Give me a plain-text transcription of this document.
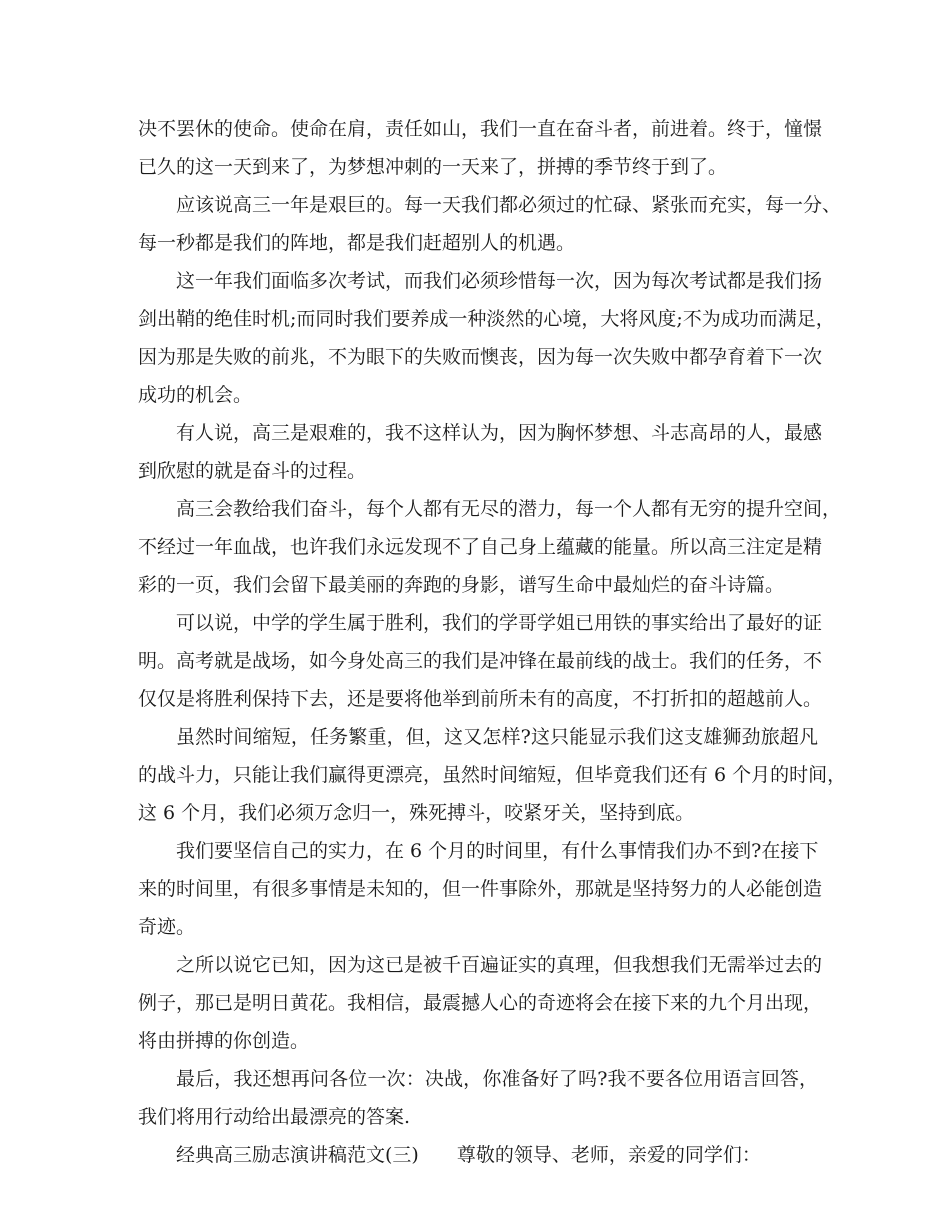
决不罢休的使命。使命在肩，责任如山，我们一直在奋斗者，前进着。终于，憧憬
已久的这一天到来了，为梦想冲刺的一天来了，拼搏的季节终于到了。
应该说高三一年是艰巨的。每一天我们都必须过的忙碌、紧张而充实，每一分、
每一秒都是我们的阵地，都是我们赶超别人的机遇。
这一年我们面临多次考试，而我们必须珍惜每一次，因为每次考试都是我们扬
剑出鞘的绝佳时机;而同时我们要养成一种淡然的心境，大将风度;不为成功而满足，
因为那是失败的前兆，不为眼下的失败而懊丧，因为每一次失败中都孕育着下一次
成功的机会。
有人说，高三是艰难的，我不这样认为，因为胸怀梦想、斗志高昂的人，最感
到欣慰的就是奋斗的过程。
高三会教给我们奋斗，每个人都有无尽的潜力，每一个人都有无穷的提升空间，
不经过一年血战，也许我们永远发现不了自己身上蕴藏的能量。所以高三注定是精
彩的一页，我们会留下最美丽的奔跑的身影，谱写生命中最灿烂的奋斗诗篇。
可以说，中学的学生属于胜利，我们的学哥学姐已用铁的事实给出了最好的证
明。高考就是战场，如今身处高三的我们是冲锋在最前线的战士。我们的任务，不
仅仅是将胜利保持下去，还是要将他举到前所未有的高度，不打折扣的超越前人。
虽然时间缩短，任务繁重，但，这又怎样?这只能显示我们这支雄狮劲旅超凡
的战斗力，只能让我们赢得更漂亮，虽然时间缩短，但毕竟我们还有 6 个月的时间，
这 6 个月，我们必须万念归一，殊死搏斗，咬紧牙关，坚持到底。
我们要坚信自己的实力，在 6 个月的时间里，有什么事情我们办不到?在接下
来的时间里，有很多事情是未知的，但一件事除外，那就是坚持努力的人必能创造
奇迹。
之所以说它已知，因为这已是被千百遍证实的真理，但我想我们无需举过去的
例子，那已是明日黄花。我相信，最震撼人心的奇迹将会在接下来的九个月出现，
将由拼搏的你创造。
最后，我还想再问各位一次：决战，你准备好了吗?我不要各位用语言回答，
我们将用行动给出最漂亮的答案.
经典高三励志演讲稿范文(三)　　尊敬的领导、老师，亲爱的同学们：
